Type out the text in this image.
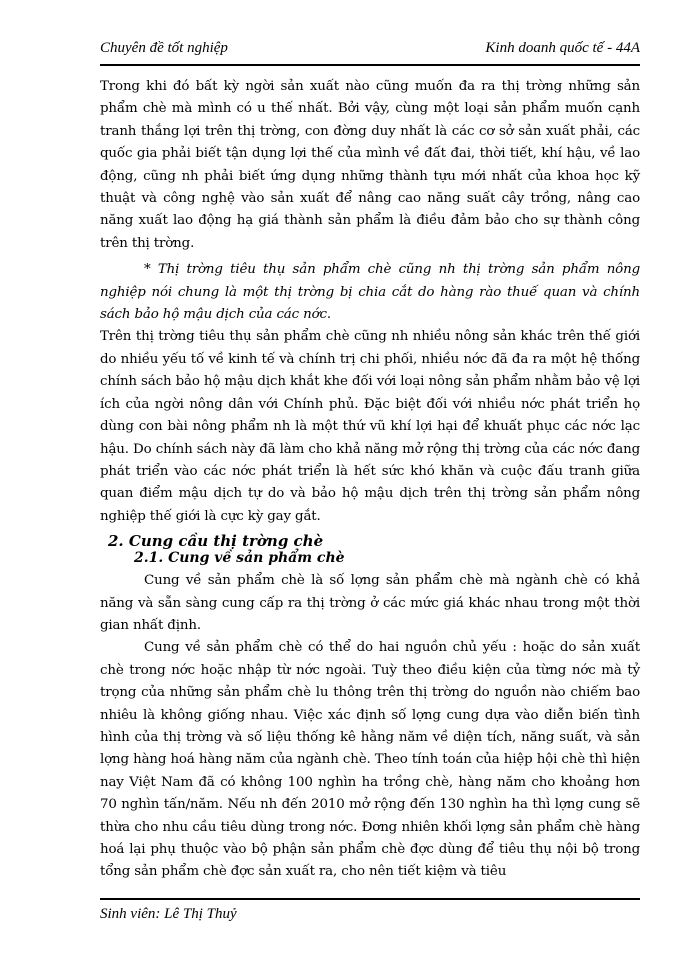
Chuyên đề tốt nghiệp	Kinh doanh quốc tế - 44A

Trong khi đó bất kỳ ngời sản xuất nào cũng muốn đa ra thị trờng những sản phẩm chè mà mình có u thế nhất. Bởi vậy, cùng một loại sản phẩm muốn cạnh tranh thắng lợi trên thị trờng, con đờng duy nhất là các cơ sở sản xuất phải, các quốc gia phải biết tận dụng lợi thế của mình về đất đai, thời tiết, khí hậu, về lao động, cũng nh phải biết ứng dụng những thành tựu mới nhất của khoa học kỹ thuật và công nghệ vào sản xuất để nâng cao năng suất cây trồng, nâng cao năng xuất lao động hạ giá thành sản phẩm là điều đảm bảo cho sự thành công trên thị trờng.

* Thị trờng tiêu thụ sản phẩm chè cũng nh thị trờng sản phẩm nông nghiệp nói chung là một thị trờng bị chia cắt do hàng rào thuế quan và chính sách bảo hộ mậu dịch của các nớc.

Trên thị trờng tiêu thụ sản phẩm chè cũng nh nhiều nông sản khác trên thế giới do nhiều yếu tố về kinh tế và chính trị chi phối, nhiều nớc đã đa ra một hệ thống chính sách bảo hộ mậu dịch khắt khe đối với loại nông sản phẩm nhằm bảo vệ lợi ích của ngời nông dân với Chính phủ. Đặc biệt đối với nhiều nớc phát triển họ dùng con bài nông phẩm nh là một thứ vũ khí lợi hại để khuất phục các nớc lạc hậu. Do chính sách này đã làm cho khả năng mở rộng thị trờng của các nớc đang phát triển vào các nớc phát triển là hết sức khó khăn và cuộc đấu tranh giữa quan điểm mậu dịch tự do và bảo hộ mậu dịch trên thị trờng sản phẩm nông nghiệp thế giới là cực kỳ gay gắt.

2. Cung cầu thị trờng chè
2.1. Cung về sản phẩm chè

Cung về sản phẩm chè là số lợng sản phẩm chè mà ngành chè có khả năng và sẵn sàng cung cấp ra thị trờng ở các mức giá khác nhau trong một thời gian nhất định.

Cung về sản phẩm chè có thể do hai nguồn chủ yếu : hoặc do sản xuất chè trong nớc hoặc nhập từ nớc ngoài. Tuỳ theo điều kiện của từng nớc mà tỷ trọng của những sản phẩm chè lu thông trên thị trờng do nguồn nào chiếm bao nhiêu là không giống nhau. Việc xác định số lợng cung dựa vào diễn biến tình hình của thị trờng và số liệu thống kê hằng năm về diện tích, năng suất, và sản lợng hàng hoá hàng năm của ngành chè. Theo tính toán của hiệp hội chè thì hiện nay Việt Nam đã có không 100 nghìn ha trồng chè, hàng năm cho khoảng hơn 70 nghìn tấn/năm. Nếu nh đến 2010 mở rộng đến 130 nghìn ha thì lợng cung sẽ thừa cho nhu cầu tiêu dùng trong nớc. Đơng nhiên khối lợng sản phẩm chè hàng hoá lại phụ thuộc vào bộ phận sản phẩm chè đợc dùng để tiêu thụ nội bộ trong tổng sản phẩm chè đợc sản xuất ra, cho nên tiết kiệm và tiêu

Sinh viên: Lê Thị Thuỷ
